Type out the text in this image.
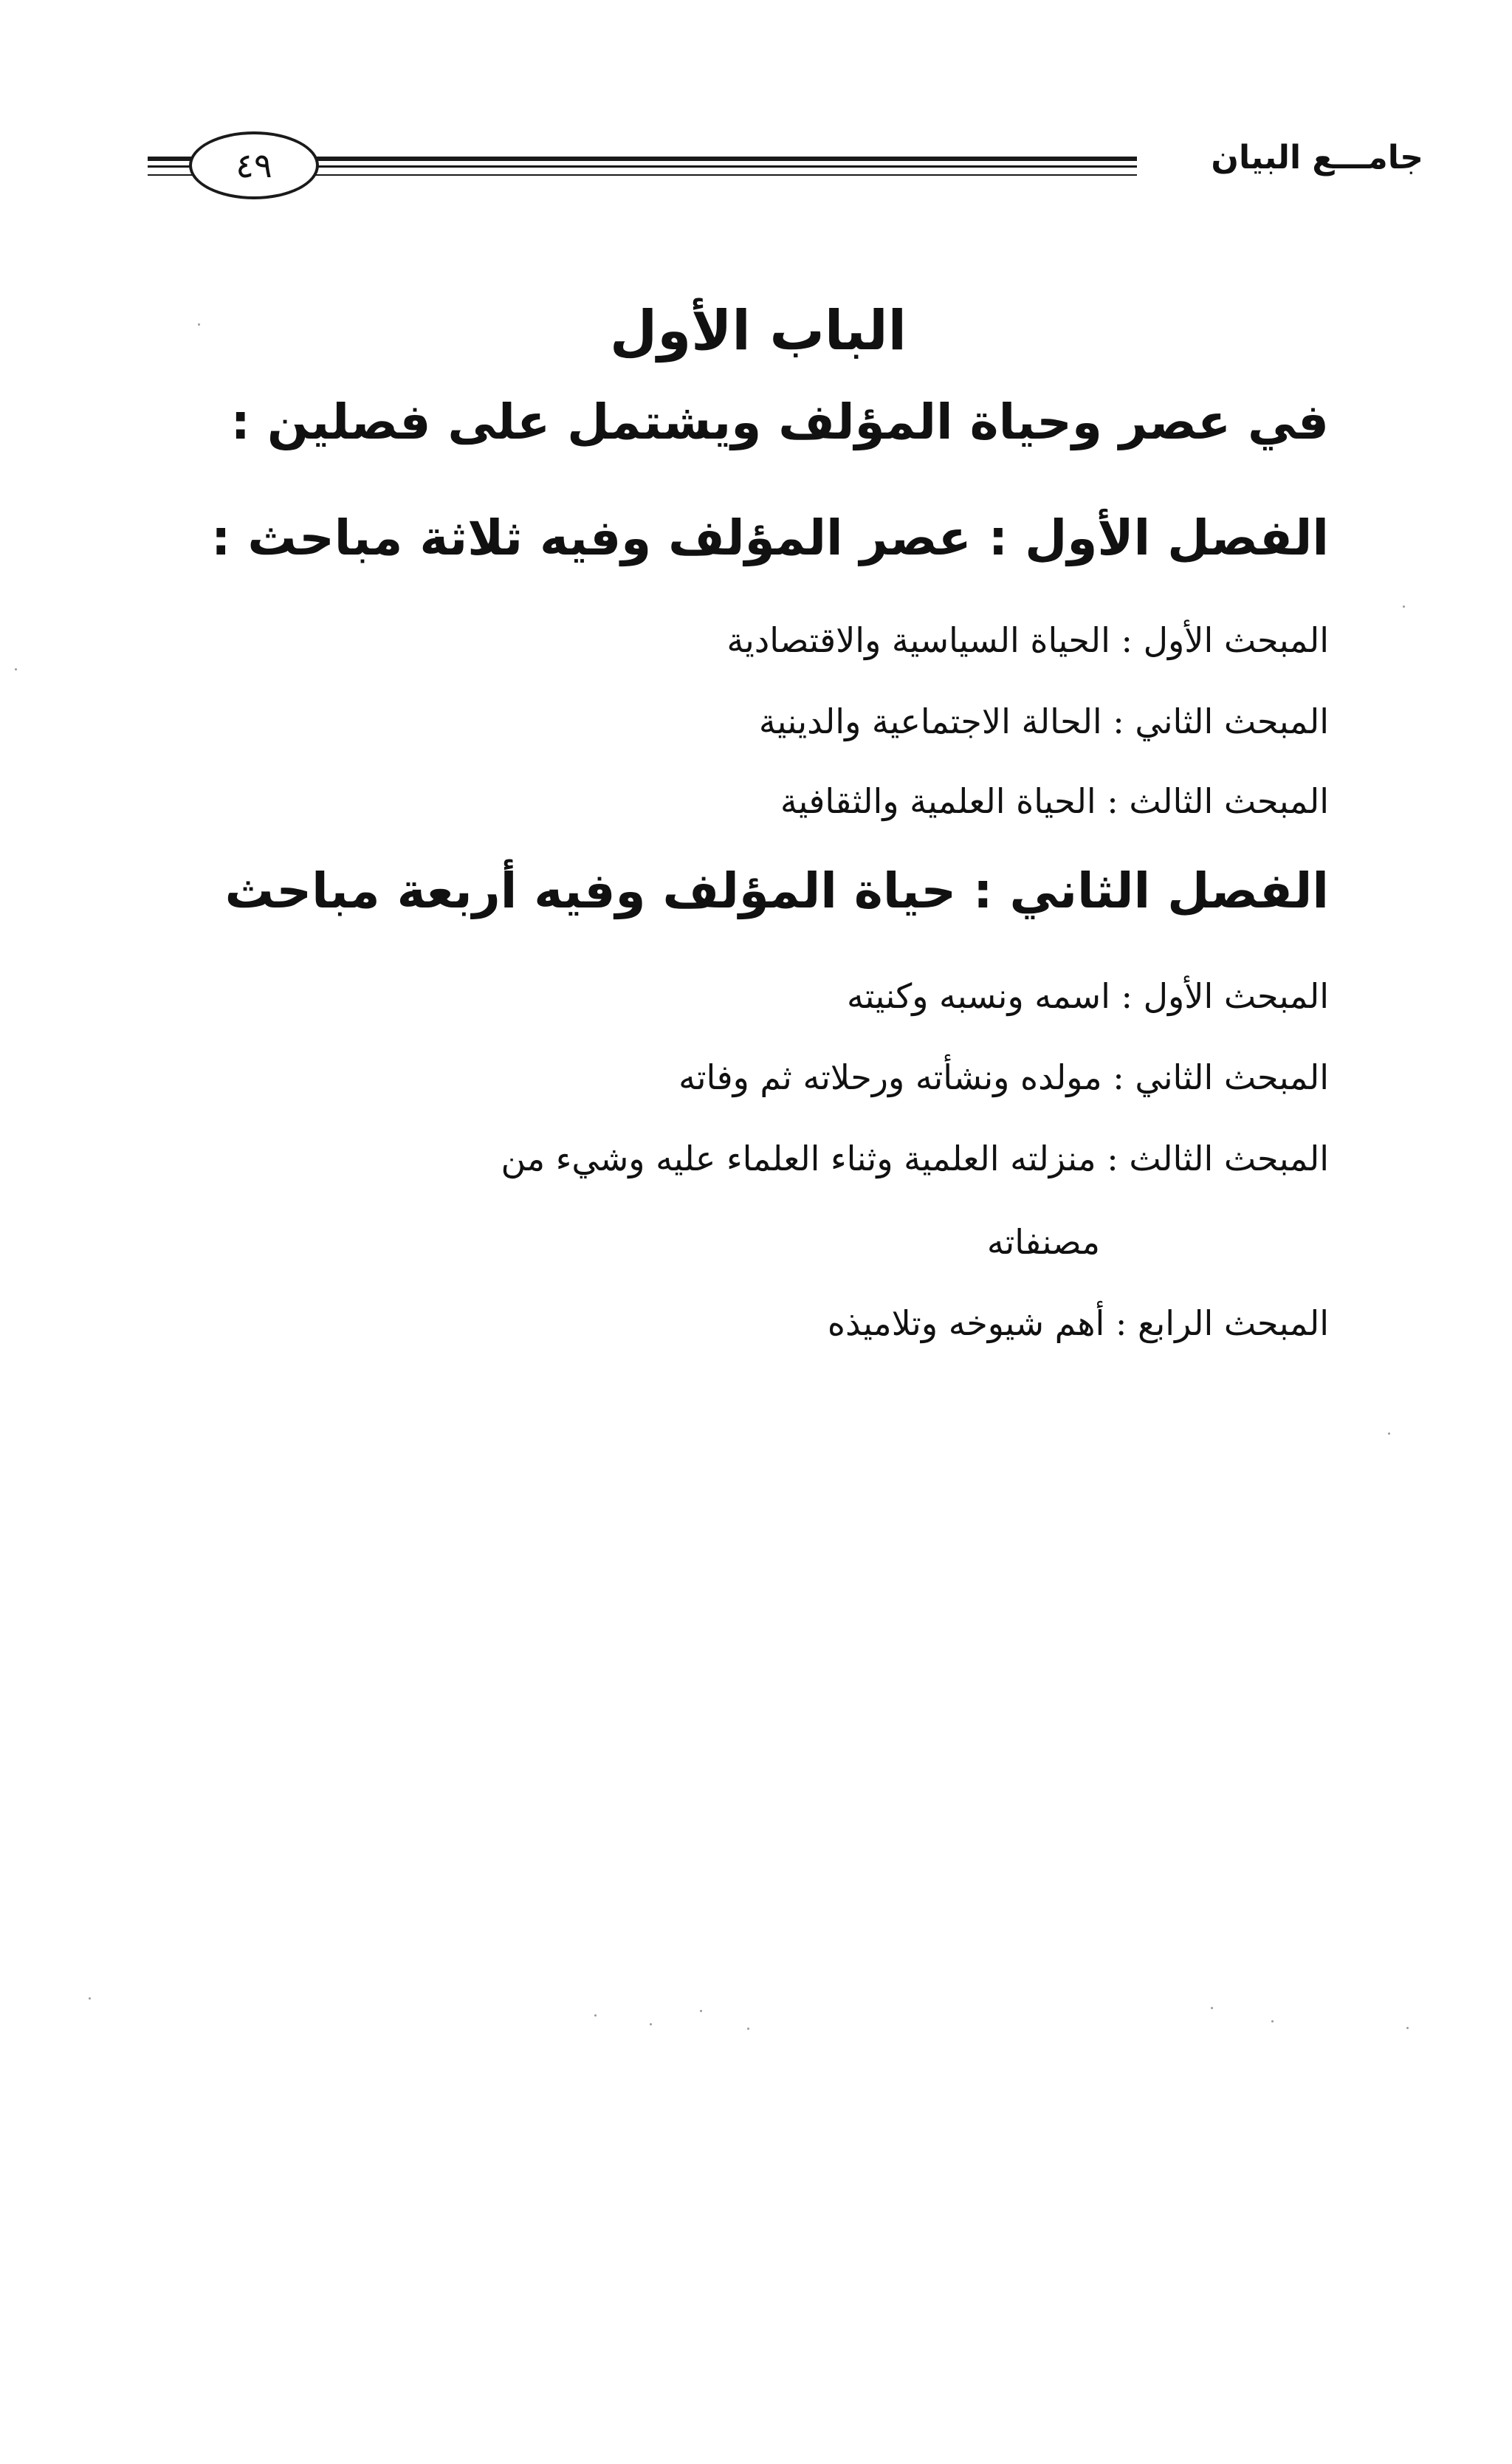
٤٩	جامـــع البيان
الباب الأول
في عصر وحياة المؤلف ويشتمل على فصلين :
الفصل الأول : عصر المؤلف وفيه ثلاثة مباحث :
المبحث الأول : الحياة السياسية والاقتصادية
المبحث الثاني : الحالة الاجتماعية والدينية
المبحث الثالث : الحياة العلمية والثقافية
الفصل الثاني : حياة المؤلف وفيه أربعة مباحث
المبحث الأول : اسمه ونسبه وكنيته
المبحث الثاني : مولده ونشأته ورحلاته ثم وفاته
المبحث الثالث : منزلته العلمية وثناء العلماء عليه وشيء من
مصنفاته
المبحث الرابع : أهم شيوخه وتلاميذه
